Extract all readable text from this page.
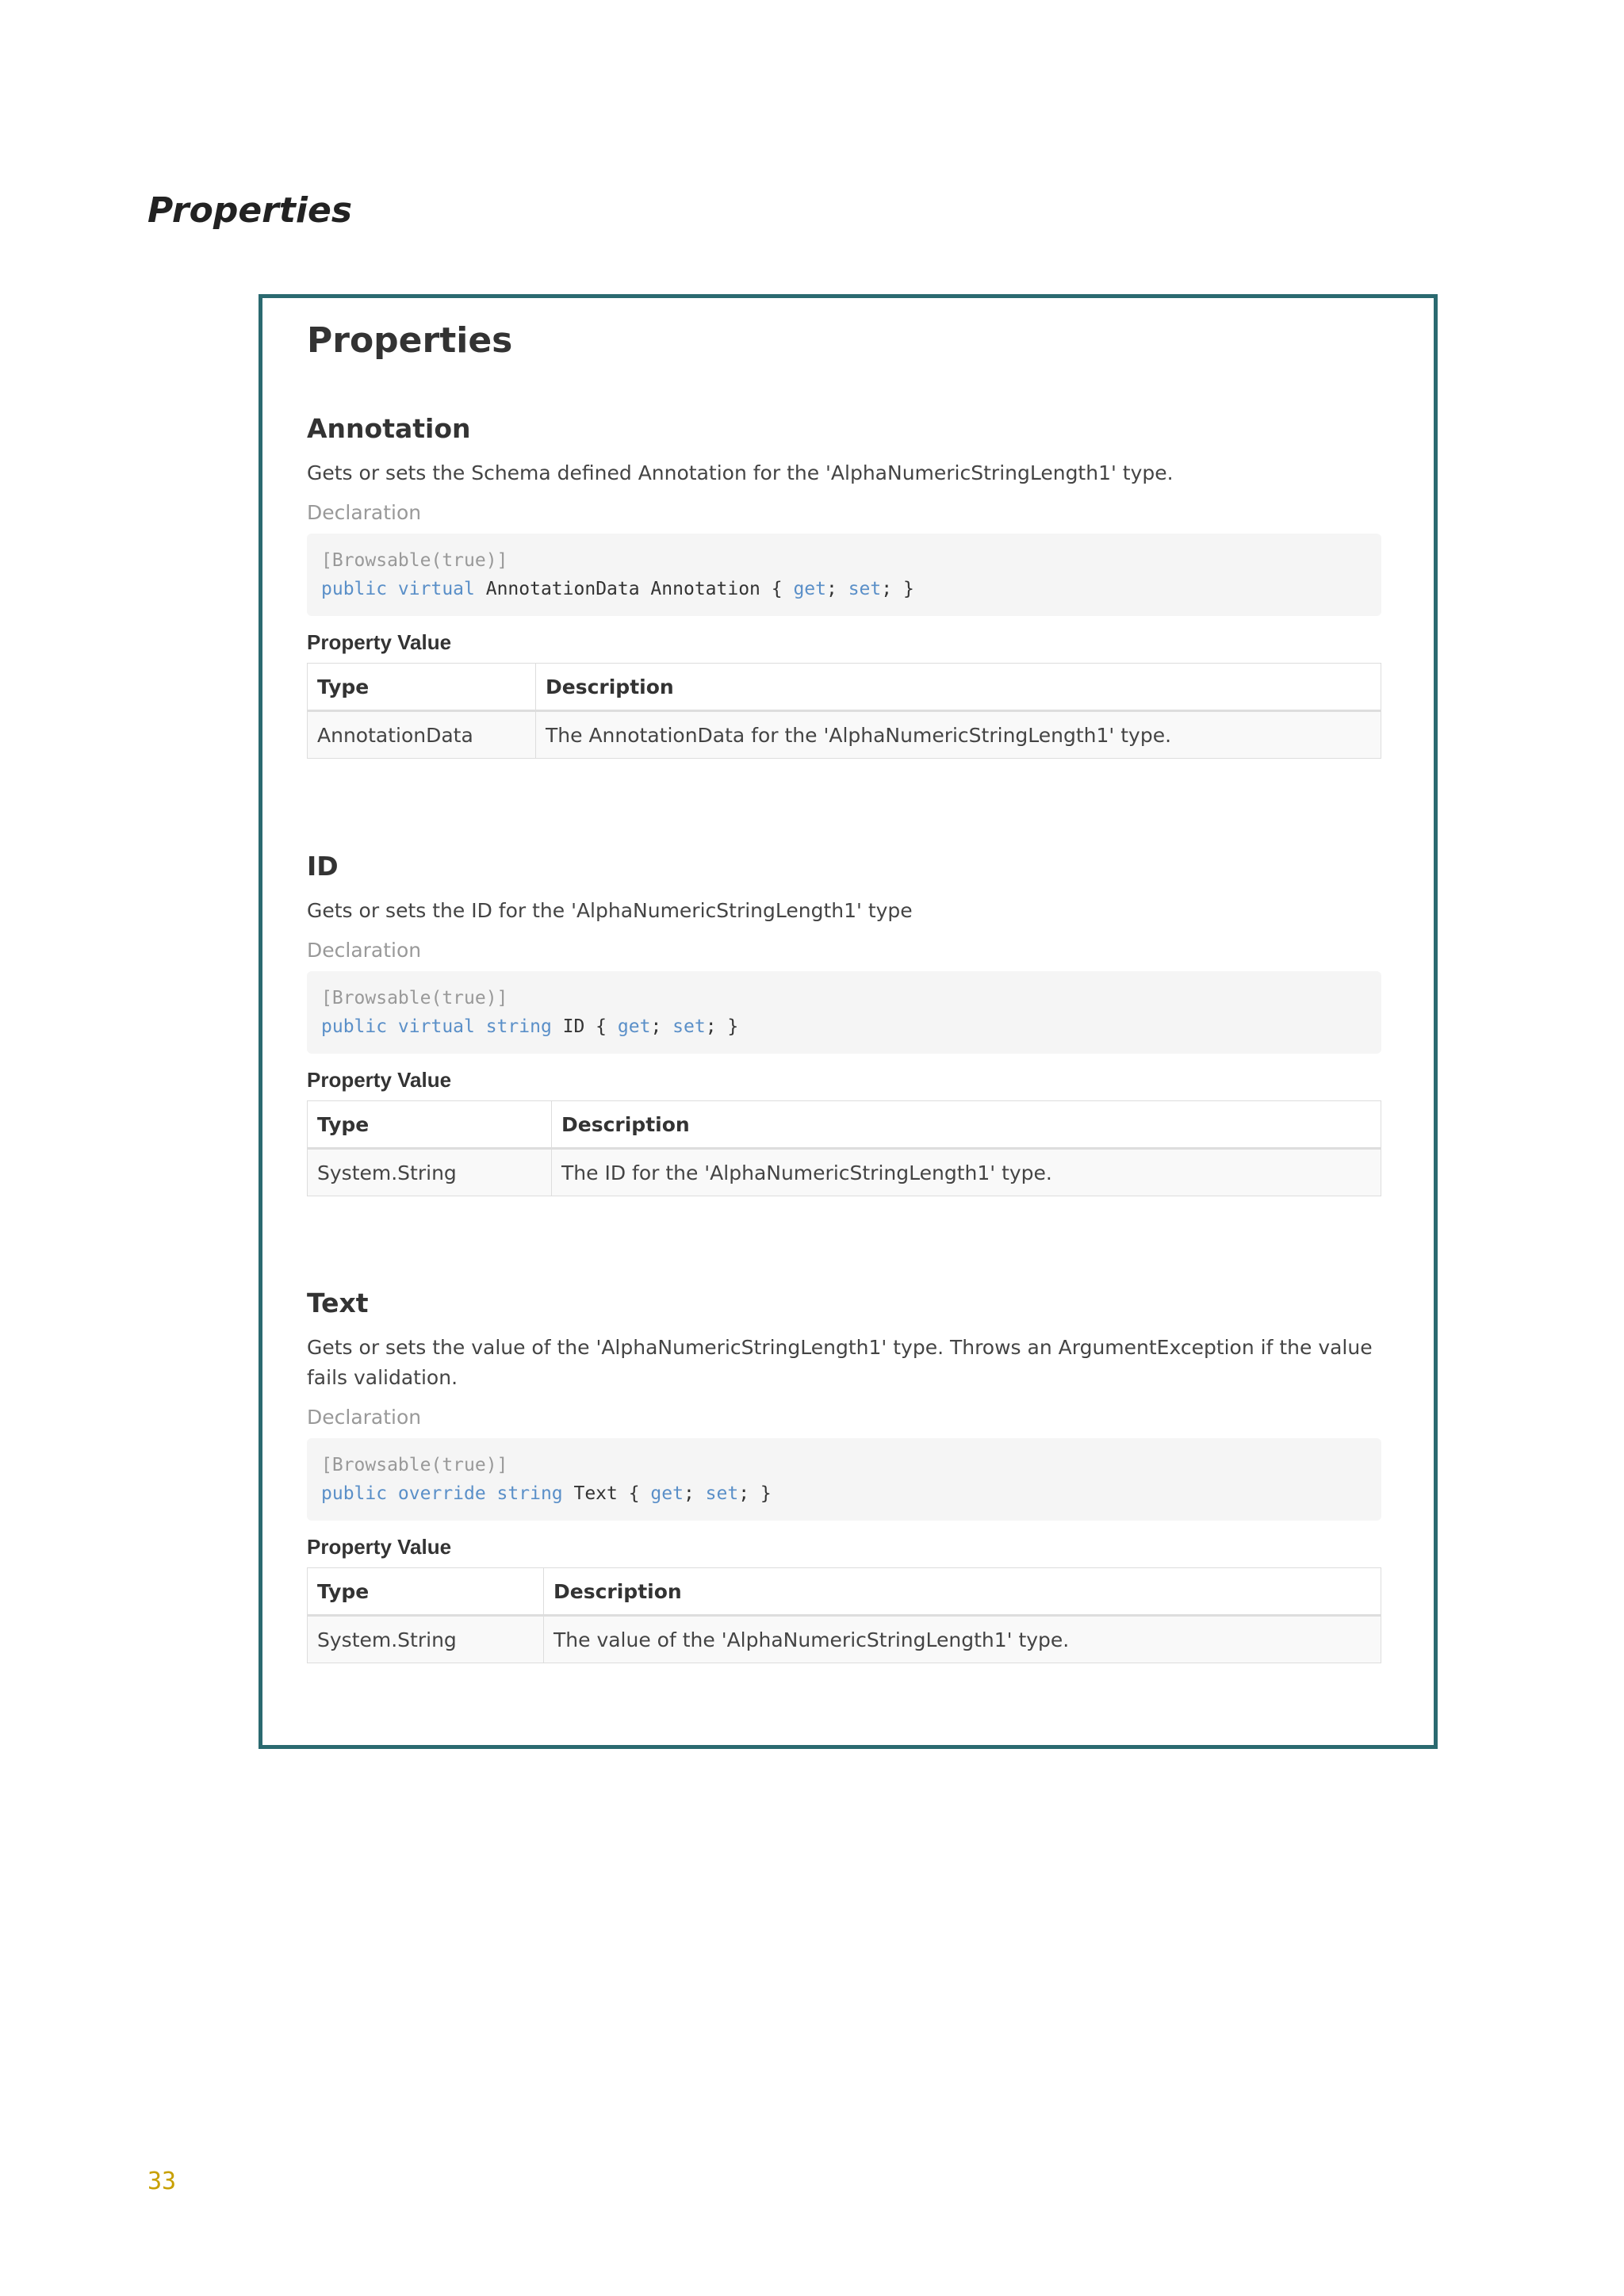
Properties
Properties
Annotation

Gets or sets the Schema defined Annotation for the 'AlphaNumericStringLength1' type.

Declaration

[Browsable(true)]
public virtual AnnotationData Annotation { get; set; }

Property Value

Type	Description
AnnotationData	The AnnotationData for the 'AlphaNumericStringLength1' type.
ID

Gets or sets the ID for the 'AlphaNumericStringLength1' type

Declaration

[Browsable(true)]
public virtual string ID { get; set; }

Property Value

Type	Description
System.String	The ID for the 'AlphaNumericStringLength1' type.
Text

Gets or sets the value of the 'AlphaNumericStringLength1' type. Throws an ArgumentException if the value fails validation.

Declaration

[Browsable(true)]
public override string Text { get; set; }

Property Value

Type	Description
System.String	The value of the 'AlphaNumericStringLength1' type.
33
